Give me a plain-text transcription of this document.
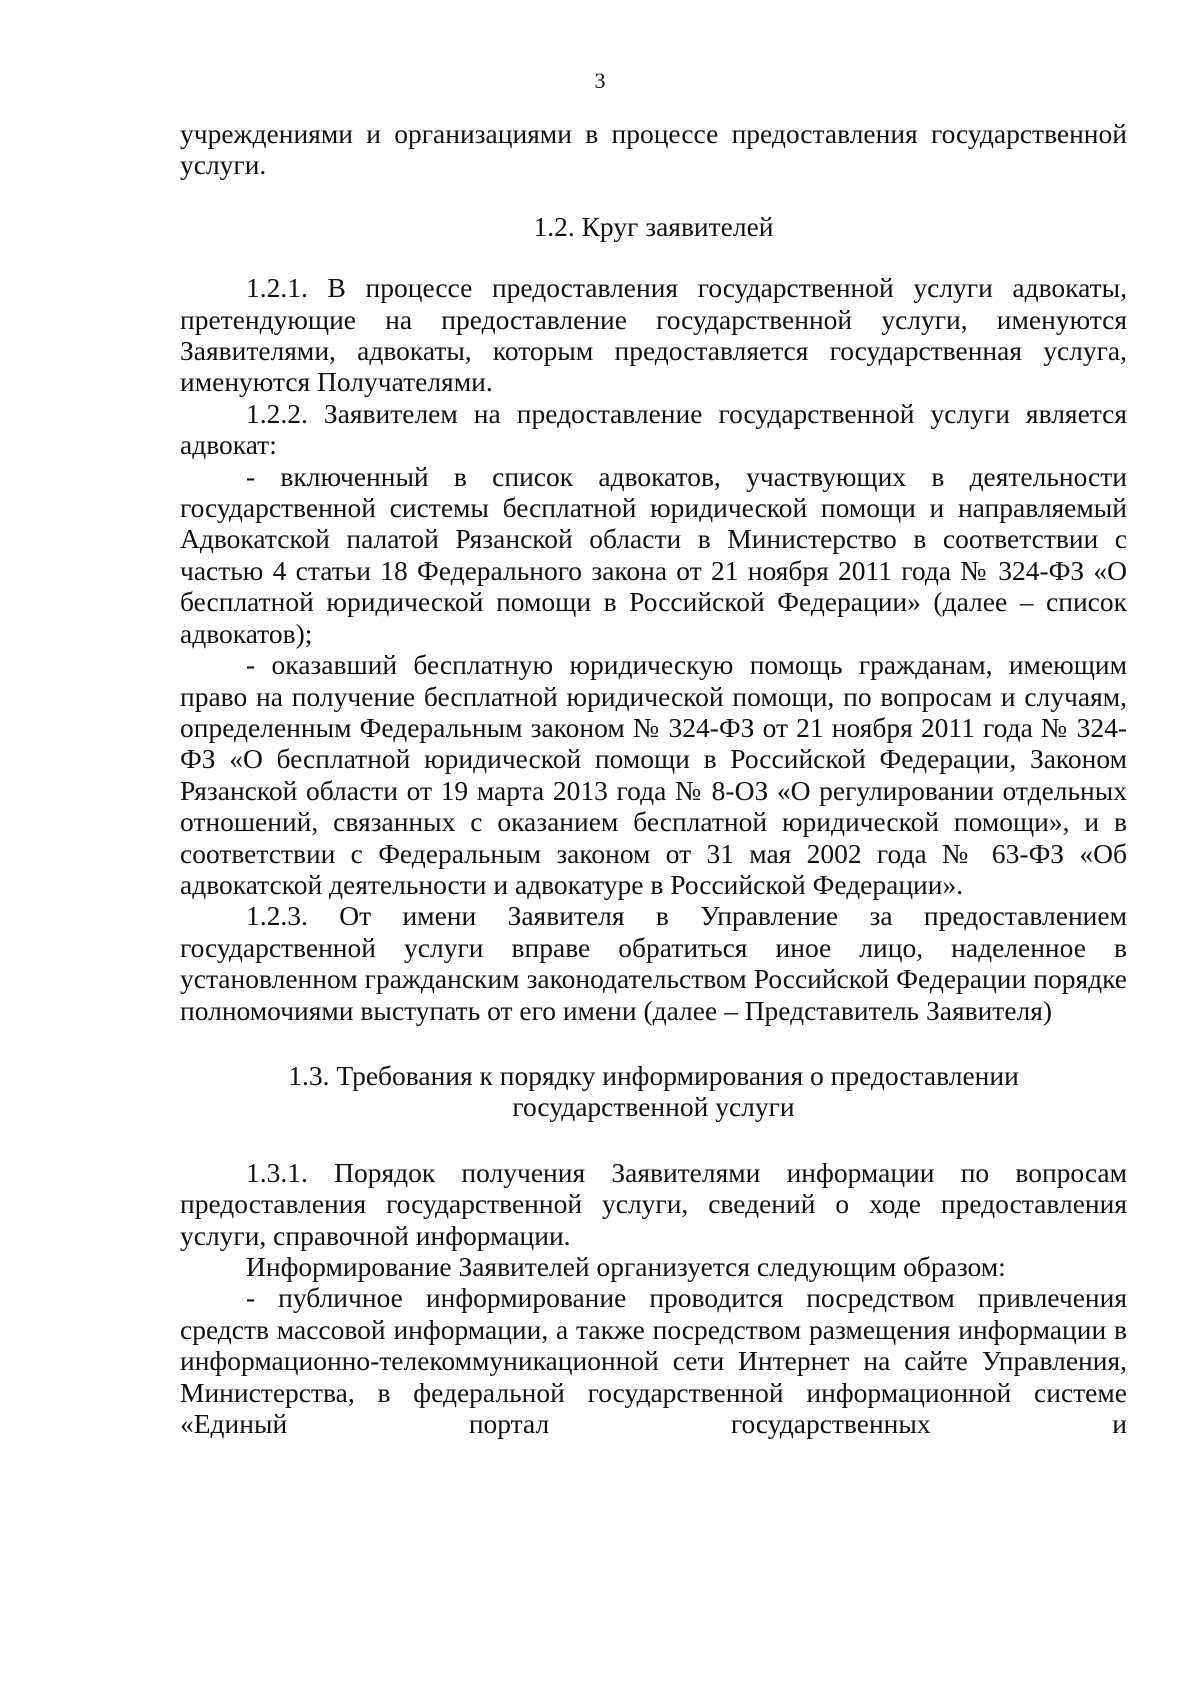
3

учреждениями и организациями в процессе предоставления государственной услуги.

1.2. Круг заявителей

1.2.1. В процессе предоставления государственной услуги адвокаты, претендующие на предоставление государственной услуги, именуются Заявителями, адвокаты, которым предоставляется государственная услуга, именуются Получателями.

1.2.2. Заявителем на предоставление государственной услуги является адвокат:

- включенный в список адвокатов, участвующих в деятельности государственной системы бесплатной юридической помощи и направляемый Адвокатской палатой Рязанской области в Министерство в соответствии с частью 4 статьи 18 Федерального закона от 21 ноября 2011 года № 324-ФЗ «О бесплатной юридической помощи в Российской Федерации» (далее – список адвокатов);

- оказавший бесплатную юридическую помощь гражданам, имеющим право на получение бесплатной юридической помощи, по вопросам и случаям, определенным Федеральным законом № 324-ФЗ от 21 ноября 2011 года № 324-ФЗ «О бесплатной юридической помощи в Российской Федерации, Законом Рязанской области от 19 марта 2013 года № 8-ОЗ «О регулировании отдельных отношений, связанных с оказанием бесплатной юридической помощи», и в соответствии с Федеральным законом от 31 мая 2002 года № 63-ФЗ «Об адвокатской деятельности и адвокатуре в Российской Федерации».

1.2.3. От имени Заявителя в Управление за предоставлением государственной услуги вправе обратиться иное лицо, наделенное в установленном гражданским законодательством Российской Федерации порядке полномочиями выступать от его имени (далее – Представитель Заявителя)

1.3. Требования к порядку информирования о предоставлении

государственной услуги

1.3.1. Порядок получения Заявителями информации по вопросам предоставления государственной услуги, сведений о ходе предоставления услуги, справочной информации.

Информирование Заявителей организуется следующим образом:

- публичное информирование проводится посредством привлечения средств массовой информации, а также посредством размещения информации в информационно-телекоммуникационной сети Интернет на сайте Управления, Министерства, в федеральной государственной информационной системе «Единый портал государственных и
